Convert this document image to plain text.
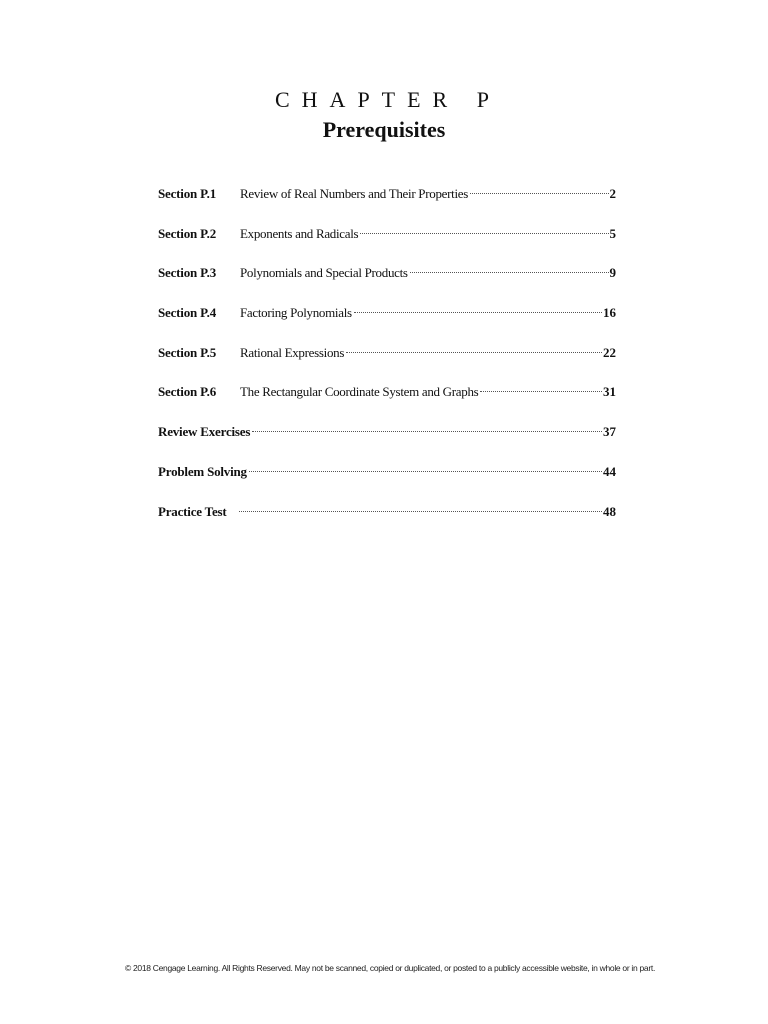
CHAPTER P
Prerequisites
Section P.1	Review of Real Numbers and Their Properties	2
Section P.2	Exponents and Radicals	5
Section P.3	Polynomials and Special Products	9
Section P.4	Factoring Polynomials	16
Section P.5	Rational Expressions	22
Section P.6	The Rectangular Coordinate System and Graphs	31
Review Exercises	37
Problem Solving	44
Practice Test	48
© 2018 Cengage Learning. All Rights Reserved. May not be scanned, copied or duplicated, or posted to a publicly accessible website, in whole or in part.
